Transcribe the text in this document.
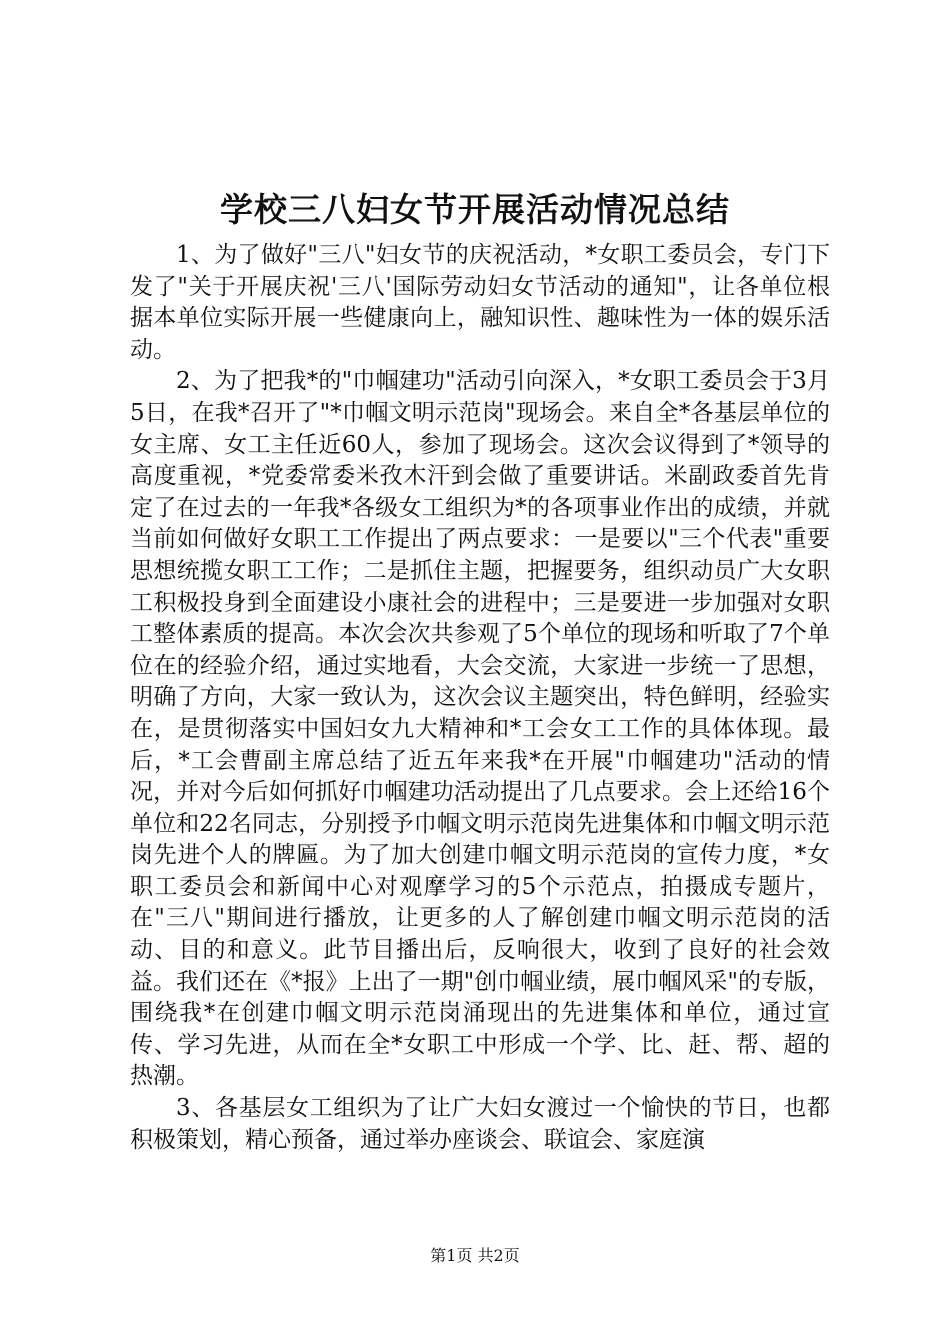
学校三八妇女节开展活动情况总结

1、为了做好"三八"妇女节的庆祝活动，*女职工委员会，专门下发了"关于开展庆祝'三八'国际劳动妇女节活动的通知"，让各单位根据本单位实际开展一些健康向上，融知识性、趣味性为一体的娱乐活动。

2、为了把我*的"巾帼建功"活动引向深入，*女职工委员会于3月5日，在我*召开了"*巾帼文明示范岗"现场会。来自全*各基层单位的女主席、女工主任近60人，参加了现场会。这次会议得到了*领导的高度重视，*党委常委米孜木汗到会做了重要讲话。米副政委首先肯定了在过去的一年我*各级女工组织为*的各项事业作出的成绩，并就当前如何做好女职工工作提出了两点要求：一是要以"三个代表"重要思想统揽女职工工作；二是抓住主题，把握要务，组织动员广大女职工积极投身到全面建设小康社会的进程中；三是要进一步加强对女职工整体素质的提高。本次会次共参观了5个单位的现场和听取了7个单位在的经验介绍，通过实地看，大会交流，大家进一步统一了思想，明确了方向，大家一致认为，这次会议主题突出，特色鲜明，经验实在，是贯彻落实中国妇女九大精神和*工会女工工作的具体体现。最后，*工会曹副主席总结了近五年来我*在开展"巾帼建功"活动的情况，并对今后如何抓好巾帼建功活动提出了几点要求。会上还给16个单位和22名同志，分别授予巾帼文明示范岗先进集体和巾帼文明示范岗先进个人的牌匾。为了加大创建巾帼文明示范岗的宣传力度，*女职工委员会和新闻中心对观摩学习的5个示范点，拍摄成专题片，在"三八"期间进行播放，让更多的人了解创建巾帼文明示范岗的活动、目的和意义。此节目播出后，反响很大，收到了良好的社会效益。我们还在《*报》上出了一期"创巾帼业绩，展巾帼风采"的专版，围绕我*在创建巾帼文明示范岗涌现出的先进集体和单位，通过宣传、学习先进，从而在全*女职工中形成一个学、比、赶、帮、超的热潮。

3、各基层女工组织为了让广大妇女渡过一个愉快的节日，也都积极策划，精心预备，通过举办座谈会、联谊会、家庭演

第1页 共2页
